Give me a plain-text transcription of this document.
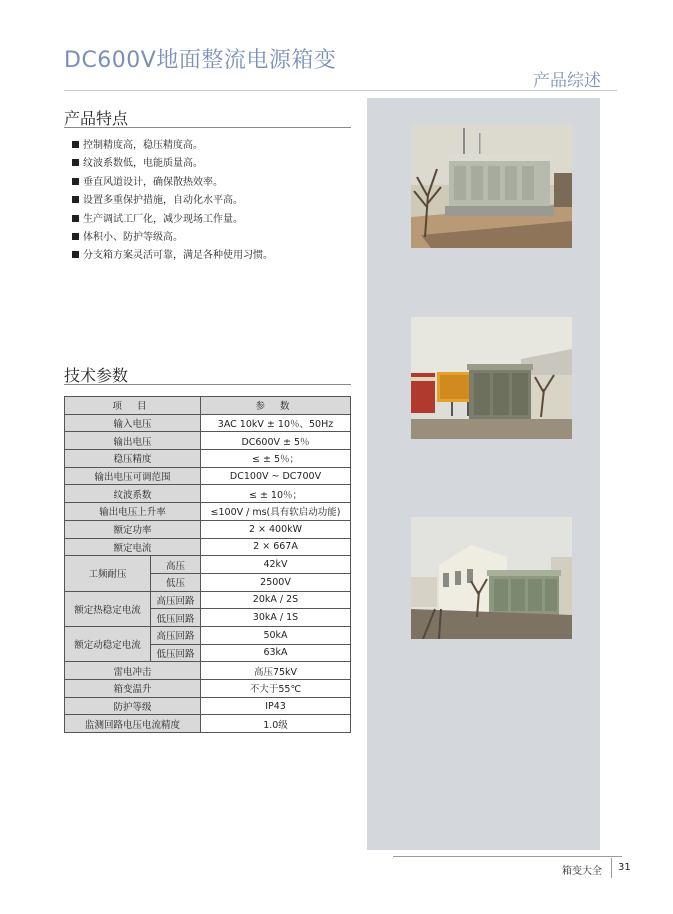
DC600V地面整流电源箱变
产品综述
产品特点
控制精度高，稳压精度高。
纹波系数低，电能质量高。
垂直风道设计，确保散热效率。
设置多重保护措施，自动化水平高。
生产调试工厂化，减少现场工作量。
体积小、防护等级高。
分支箱方案灵活可靠，满足各种使用习惯。
技术参数
项 目		参 数
输入电压		3AC 10kV ± 10％、50Hz
输出电压		DC600V ± 5％
稳压精度		≤ ± 5％；
输出电压可调范围		DC100V ~ DC700V
纹波系数		≤ ± 10％；
输出电压上升率		≤100V / ms(具有软启动功能)
额定功率		2 × 400kW
额定电流		2 × 667A
工频耐压	高压	42kV
	低压	2500V
额定热稳定电流	高压回路	20kA / 2S
	低压回路	30kA / 1S
额定动稳定电流	高压回路	50kA
	低压回路	63kA
雷电冲击		高压75kV
箱变温升		不大于55℃
防护等级		IP43
监测回路电压电流精度		1.0级
箱变大全 31
